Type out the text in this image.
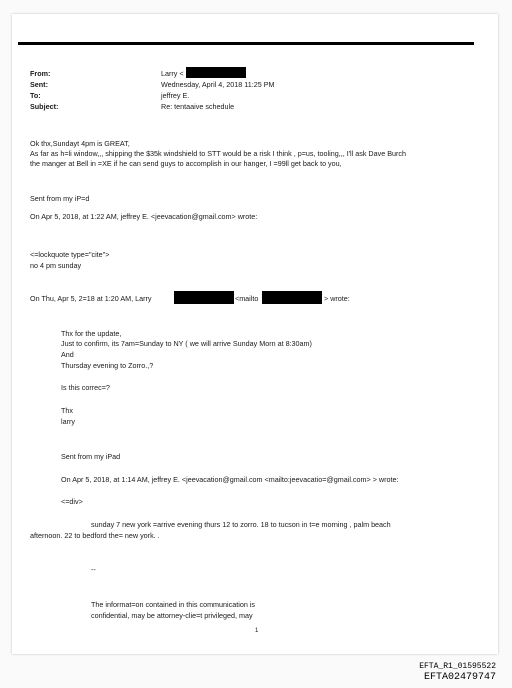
From:
Sent:
To:
Subject:
Larry <
Wednesday, April 4, 2018 11:25 PM
jeffrey E.
Re: tentaaive schedule
Ok thx,Sundayt 4pm is GREAT,
As far as h=li window,,, shipping the $35k windshield to STT would be a risk I think , p=us, tooling,,, I'll ask Dave Burch
the manger at Bell in =XE if he can send guys to accomplish in our hanger, I =99ll get back to you,
Sent from my iP=d
On Apr 5, 2018, at 1:22 AM, jeffrey E. <jeevacation@gmail.com> wrote:
<=lockquote type="cite">
no 4 pm sunday
On Thu, Apr 5, 2=18 at 1:20 AM, Larry	<mailto	> wrote:
Thx for the update,
Just to confirm, its 7am=Sunday to NY ( we will arrive Sunday Morn at 8:30am)
And
Thursday evening to Zorro.,?
Is this correc=?
Thx
larry
Sent from my iPad
On Apr 5, 2018, at 1:14 AM, jeffrey E. <jeevacation@gmail.com <mailto:jeevacatio=@gmail.com> > wrote:
<=div>
sunday 7 new york =arrive evening thurs 12 to zorro. 18 to tucson in t=e morning , palm beach
afternoon. 22 to bedford the= new york. .
--
The informat=on contained in this communication is
confidential, may be attorney-clie=t privileged, may
1
EFTA_R1_01595522
EFTA02479747
